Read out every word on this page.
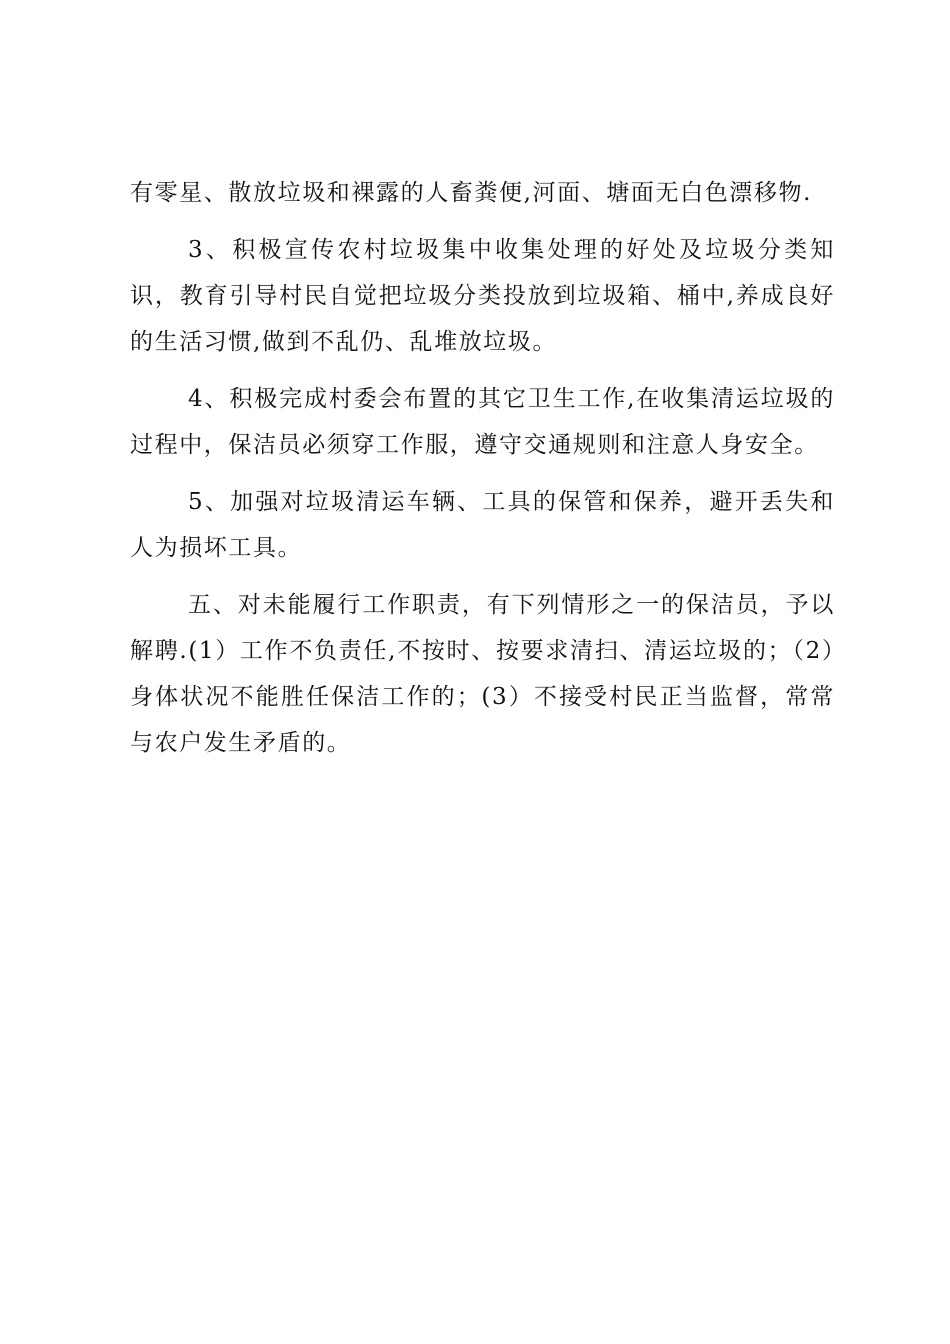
有零星、散放垃圾和裸露的人畜粪便,河面、塘面无白色漂移物.

3、积极宣传农村垃圾集中收集处理的好处及垃圾分类知识，教育引导村民自觉把垃圾分类投放到垃圾箱、桶中,养成良好的生活习惯,做到不乱仍、乱堆放垃圾。

4、积极完成村委会布置的其它卫生工作,在收集清运垃圾的过程中，保洁员必须穿工作服，遵守交通规则和注意人身安全。

5、加强对垃圾清运车辆、工具的保管和保养，避开丢失和人为损坏工具。

五、对未能履行工作职责，有下列情形之一的保洁员，予以解聘.(1）工作不负责任,不按时、按要求清扫、清运垃圾的；（2）身体状况不能胜任保洁工作的；(3）不接受村民正当监督，常常与农户发生矛盾的。
